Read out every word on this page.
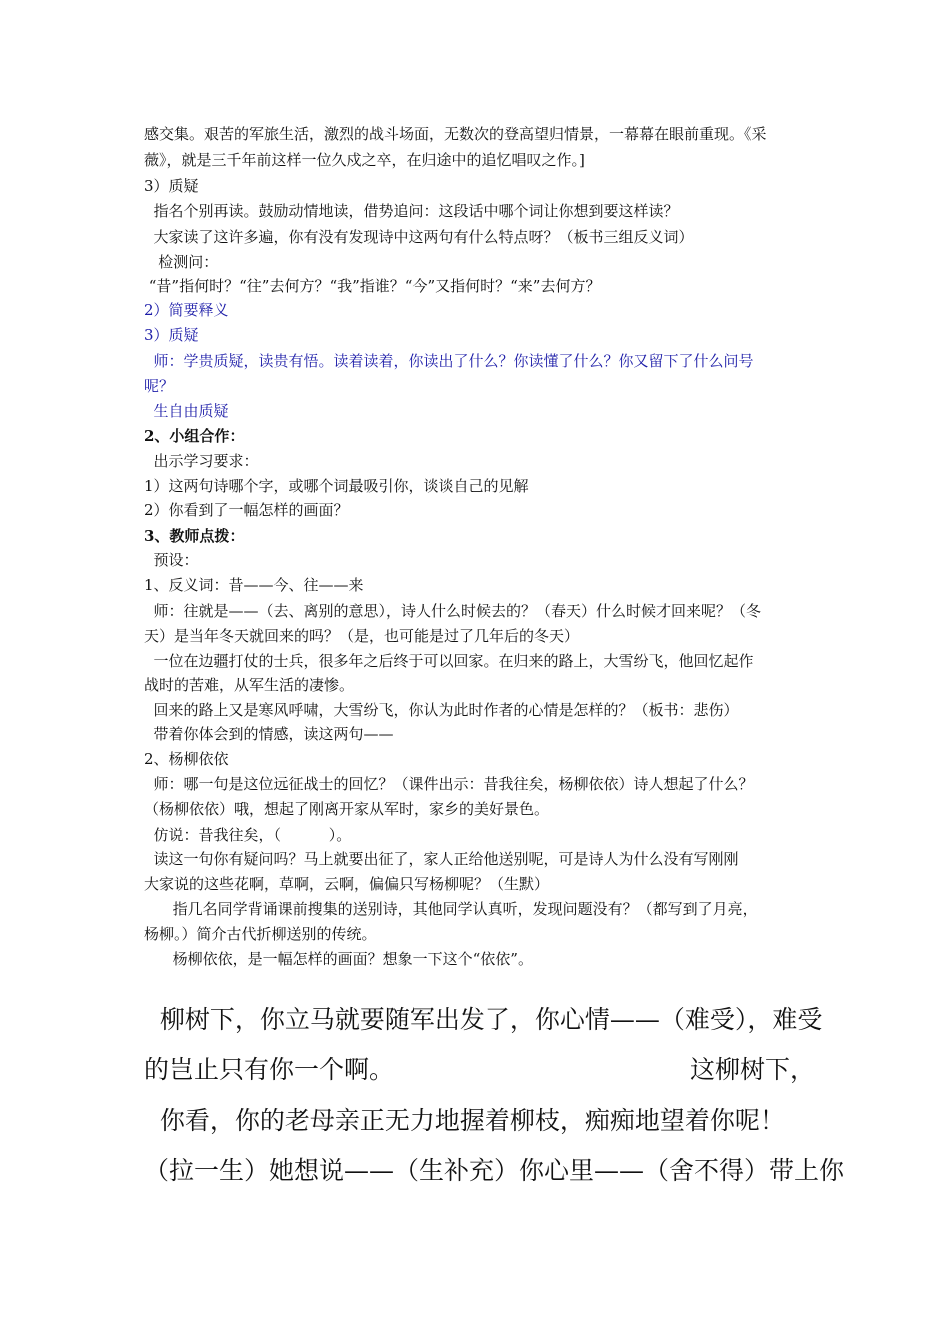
感交集。艰苦的军旅生活，激烈的战斗场面，无数次的登高望归情景，一幕幕在眼前重现。《采
薇》，就是三千年前这样一位久戍之卒，在归途中的追忆唱叹之作。]
3）质疑
指名个别再读。鼓励动情地读，借势追问：这段话中哪个词让你想到要这样读？
大家读了这许多遍，你有没有发现诗中这两句有什么特点呀？（板书三组反义词）
检测问：
“昔”指何时？“往”去何方？“我”指谁？“今”又指何时？“来”去何方？
2）简要释义
3）质疑
师：学贵质疑，读贵有悟。读着读着，你读出了什么？你读懂了什么？你又留下了什么问号
呢？
生自由质疑
2、小组合作：
出示学习要求：
1）这两句诗哪个字，或哪个词最吸引你，谈谈自己的见解
2）你看到了一幅怎样的画面？
3、教师点拨：
预设：
1、反义词：昔——今、往——来
师：往就是——（去、离别的意思），诗人什么时候去的？（春天）什么时候才回来呢？（冬
天）是当年冬天就回来的吗？（是，也可能是过了几年后的冬天）
一位在边疆打仗的士兵，很多年之后终于可以回家。在归来的路上，大雪纷飞，他回忆起作
战时的苦难，从军生活的凄惨。
回来的路上又是寒风呼啸，大雪纷飞，你认为此时作者的心情是怎样的？（板书：悲伤）
带着你体会到的情感，读这两句——
2、杨柳依依
师：哪一句是这位远征战士的回忆？（课件出示：昔我往矣，杨柳依依）诗人想起了什么？
（杨柳依依）哦，想起了刚离开家从军时，家乡的美好景色。
仿说：昔我往矣，（          ）。
读这一句你有疑问吗？马上就要出征了，家人正给他送别呢，可是诗人为什么没有写刚刚
大家说的这些花啊，草啊，云啊，偏偏只写杨柳呢？（生默）
指几名同学背诵课前搜集的送别诗，其他同学认真听，发现问题没有？（都写到了月亮，
杨柳。）简介古代折柳送别的传统。
杨柳依依，是一幅怎样的画面？想象一下这个“依依”。
柳树下，你立马就要随军出发了，你心情——（难受），难受
的岂止只有你一个啊。	这柳树下，
你看，你的老母亲正无力地握着柳枝，痴痴地望着你呢！
（拉一生）她想说——（生补充）你心里——（舍不得）带上你
